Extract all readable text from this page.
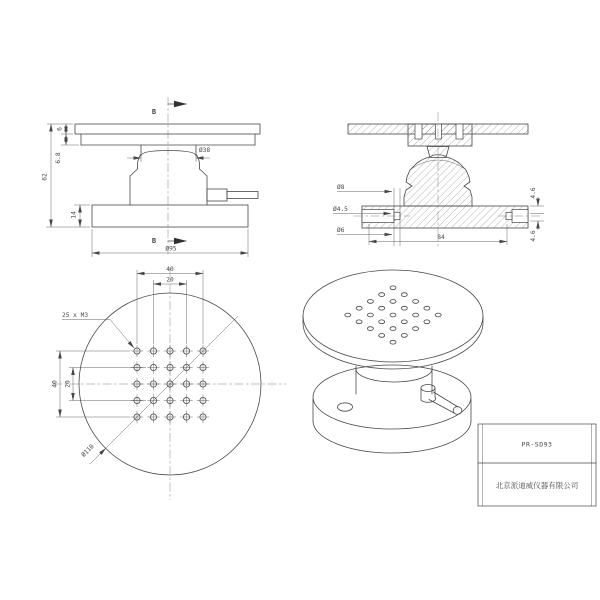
B
B
6
6.8
62
14
Ø38
Ø95
Ø8
Ø4.5
Ø6
84
4.6
4.6
Ø110
40
20
40 20
25 x M3
PR-SD93
北京派迪威仪器有限公司
